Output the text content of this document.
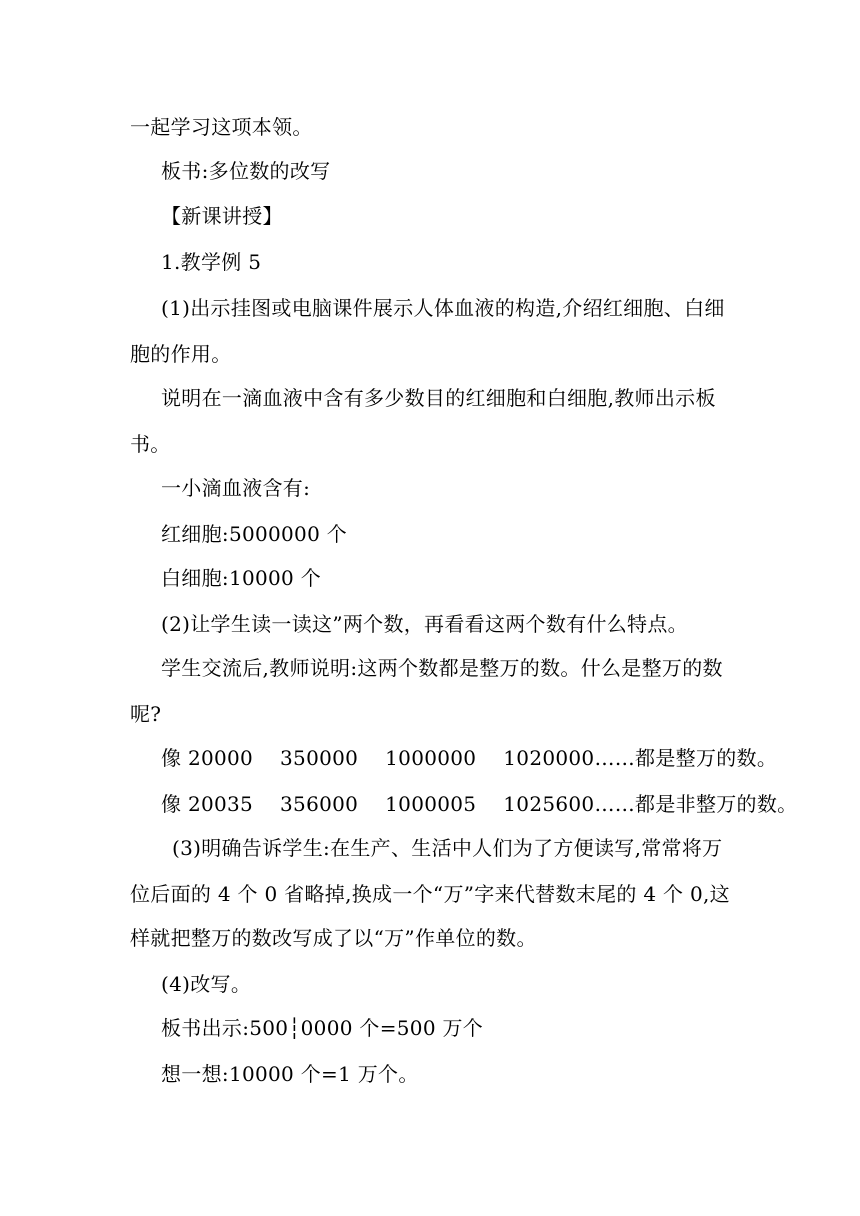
一起学习这项本领。
板书:多位数的改写
【新课讲授】
1.教学例 5
(1)出示挂图或电脑课件展示人体血液的构造,介绍红细胞、白细
胞的作用。
说明在一滴血液中含有多少数目的红细胞和白细胞,教师出示板
书。
一小滴血液含有:
红细胞:5000000 个
白细胞:10000 个
(2)让学生读一读这”两个数，再看看这两个数有什么特点。
学生交流后,教师说明:这两个数都是整万的数。什么是整万的数
呢?
像 20000　 350000　 1000000　 1020000……都是整万的数。
像 20035　 356000　 1000005　 1025600……都是非整万的数。
(3)明确告诉学生:在生产、生活中人们为了方便读写,常常将万
位后面的 4 个 0 省略掉,换成一个“万”字来代替数末尾的 4 个 0,这
样就把整万的数改写成了以“万”作单位的数。
(4)改写。
板书出示:500┆0000 个=500 万个
想一想:10000 个=1 万个。
